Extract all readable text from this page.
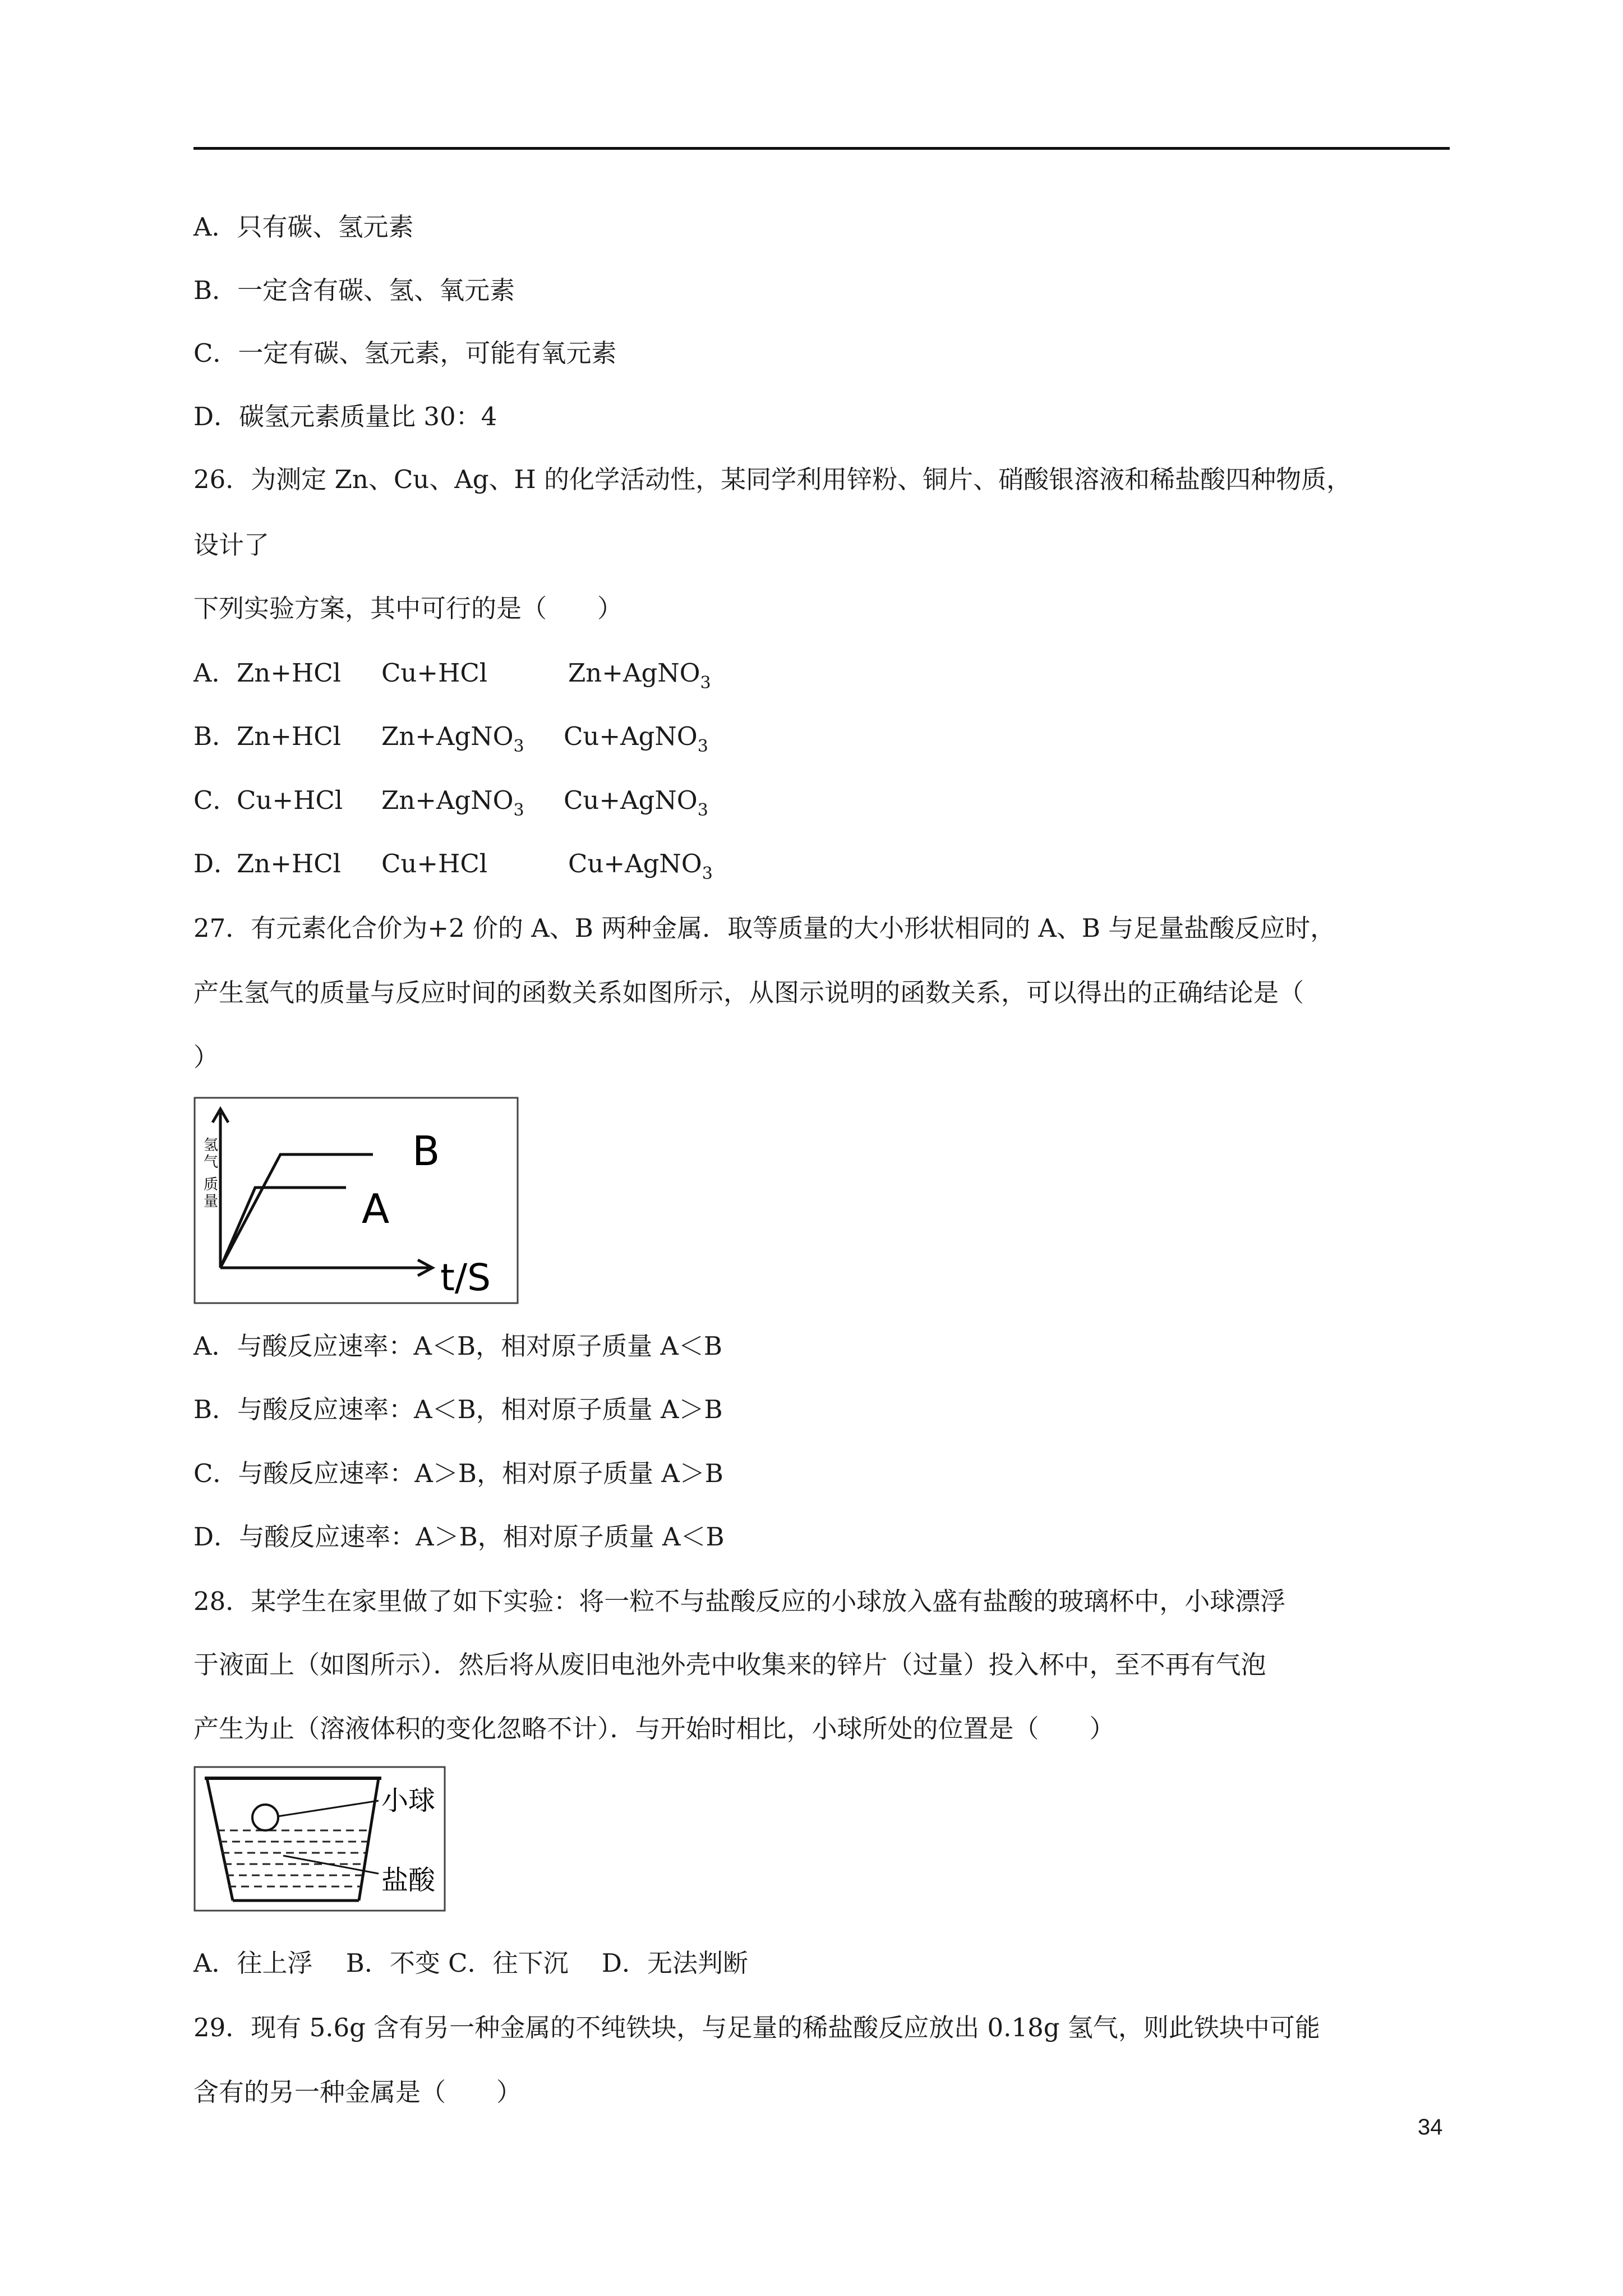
A．只有碳、氢元素
B．一定含有碳、氢、氧元素
C．一定有碳、氢元素，可能有氧元素
D．碳氢元素质量比 30：4
26．为测定 Zn、Cu、Ag、H 的化学活动性，某同学利用锌粉、铜片、硝酸银溶液和稀盐酸四种物质，
设计了
下列实验方案，其中可行的是（　　）
A． Zn+HCl Cu+HCl	Zn+AgNO$_3$
B．
Zn+HCl Zn+AgNO$_3$ Cu+AgNO$_3$
C．
Cu+HCl Zn+AgNO$_3$ Cu+AgNO$_3$
D．
Zn+HCl Cu+HCl	Cu+AgNO$_3$
27．有元素化合价为+2 价的 A、B 两种金属．取等质量的大小形状相同的 A、B 与足量盐酸反应时，
产生氢气的质量与反应时间的函数关系如图所示，从图示说明的函数关系，可以得出的正确结论是（
）
氢
气
质
量
B
A
t/S
A．与酸反应速率：A＜B，相对原子质量 A＜B
B．与酸反应速率：A＜B，相对原子质量 A＞B
C．与酸反应速率：A＞B，相对原子质量 A＞B
D．与酸反应速率：A＞B，相对原子质量 A＜B
28．某学生在家里做了如下实验：将一粒不与盐酸反应的小球放入盛有盐酸的玻璃杯中，小球漂浮
于液面上（如图所示）．然后将从废旧电池外壳中收集来的锌片（过量）投入杯中，至不再有气泡
产生为止（溶液体积的变化忽略不计）．与开始时相比，小球所处的位置是（　　）
小球
盐酸
A．往上浮　 B．不变 C．往下沉　 D．无法判断
29．现有 5.6g 含有另一种金属的不纯铁块，与足量的稀盐酸反应放出 0.18g 氢气，则此铁块中可能
含有的另一种金属是（　　）
34
